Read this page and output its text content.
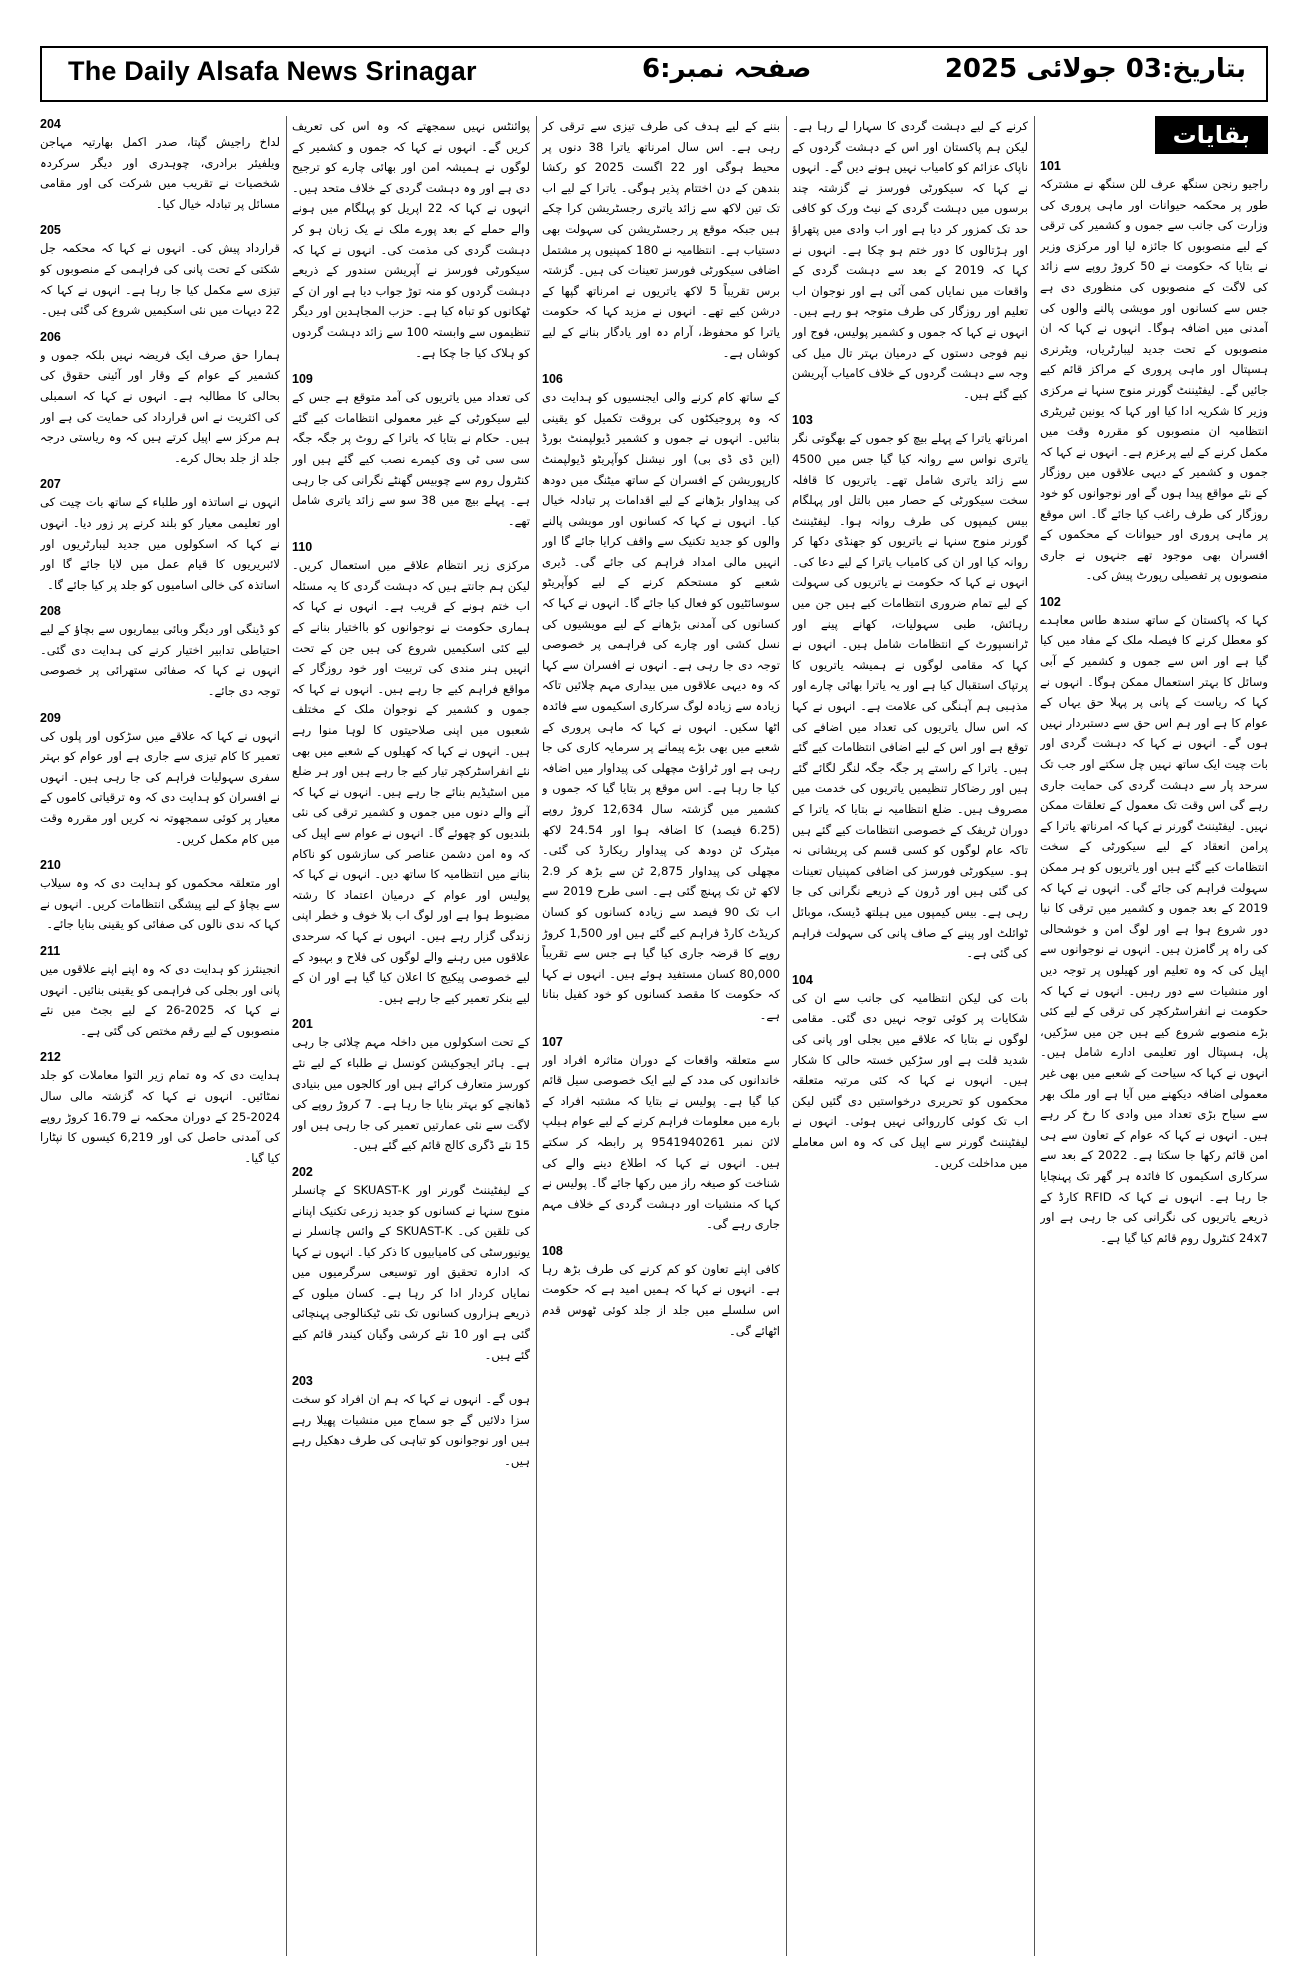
The Daily Alsafa News Srinagar	صفحہ نمبر:6	بتاریخ:03 جولائی 2025
بقایات
101

راجیو رنجن سنگھ عرف للن سنگھ نے مشترکہ طور پر محکمہ حیوانات اور ماہی پروری کی وزارت کی جانب سے جموں و کشمیر کی ترقی کے لیے منصوبوں کا جائزہ لیا اور مرکزی وزیر نے بتایا کہ حکومت نے 50 کروڑ روپے سے زائد کی لاگت کے منصوبوں کی منظوری دی ہے جس سے کسانوں اور مویشی پالنے والوں کی آمدنی میں اضافہ ہوگا۔ انہوں نے کہا کہ ان منصوبوں کے تحت جدید لیبارٹریاں، ویٹرنری ہسپتال اور ماہی پروری کے مراکز قائم کیے جائیں گے۔ لیفٹیننٹ گورنر منوج سنہا نے مرکزی وزیر کا شکریہ ادا کیا اور کہا کہ یونین ٹیریٹری انتظامیہ ان منصوبوں کو مقررہ وقت میں مکمل کرنے کے لیے پرعزم ہے۔ انہوں نے کہا کہ جموں و کشمیر کے دیہی علاقوں میں روزگار کے نئے مواقع پیدا ہوں گے اور نوجوانوں کو خود روزگار کی طرف راغب کیا جائے گا۔ اس موقع پر ماہی پروری اور حیوانات کے محکموں کے افسران بھی موجود تھے جنہوں نے جاری منصوبوں پر تفصیلی رپورٹ پیش کی۔

102

کہا کہ پاکستان کے ساتھ سندھ طاس معاہدے کو معطل کرنے کا فیصلہ ملک کے مفاد میں کیا گیا ہے اور اس سے جموں و کشمیر کے آبی وسائل کا بہتر استعمال ممکن ہوگا۔ انہوں نے کہا کہ ریاست کے پانی پر پہلا حق یہاں کے عوام کا ہے اور ہم اس حق سے دستبردار نہیں ہوں گے۔ انہوں نے کہا کہ دہشت گردی اور بات چیت ایک ساتھ نہیں چل سکتے اور جب تک سرحد پار سے دہشت گردی کی حمایت جاری رہے گی اس وقت تک معمول کے تعلقات ممکن نہیں۔ لیفٹیننٹ گورنر نے کہا کہ امرناتھ یاترا کے پرامن انعقاد کے لیے سیکورٹی کے سخت انتظامات کیے گئے ہیں اور یاتریوں کو ہر ممکن سہولت فراہم کی جائے گی۔ انہوں نے کہا کہ 2019 کے بعد جموں و کشمیر میں ترقی کا نیا دور شروع ہوا ہے اور لوگ امن و خوشحالی کی راہ پر گامزن ہیں۔ انہوں نے نوجوانوں سے اپیل کی کہ وہ تعلیم اور کھیلوں پر توجہ دیں اور منشیات سے دور رہیں۔ انہوں نے کہا کہ حکومت نے انفراسٹرکچر کی ترقی کے لیے کئی بڑے منصوبے شروع کیے ہیں جن میں سڑکیں، پل، ہسپتال اور تعلیمی ادارے شامل ہیں۔ انہوں نے کہا کہ سیاحت کے شعبے میں بھی غیر معمولی اضافہ دیکھنے میں آیا ہے اور ملک بھر سے سیاح بڑی تعداد میں وادی کا رخ کر رہے ہیں۔ انہوں نے کہا کہ عوام کے تعاون سے ہی امن قائم رکھا جا سکتا ہے۔ 2022 کے بعد سے سرکاری اسکیموں کا فائدہ ہر گھر تک پہنچایا جا رہا ہے۔ انہوں نے کہا کہ RFID کارڈ کے ذریعے یاتریوں کی نگرانی کی جا رہی ہے اور 24x7 کنٹرول روم قائم کیا گیا ہے۔

کرنے کے لیے دہشت گردی کا سہارا لے رہا ہے۔ لیکن ہم پاکستان اور اس کے دہشت گردوں کے ناپاک عزائم کو کامیاب نہیں ہونے دیں گے۔ انہوں نے کہا کہ سیکورٹی فورسز نے گزشتہ چند برسوں میں دہشت گردی کے نیٹ ورک کو کافی حد تک کمزور کر دیا ہے اور اب وادی میں پتھراؤ اور ہڑتالوں کا دور ختم ہو چکا ہے۔ انہوں نے کہا کہ 2019 کے بعد سے دہشت گردی کے واقعات میں نمایاں کمی آئی ہے اور نوجوان اب تعلیم اور روزگار کی طرف متوجہ ہو رہے ہیں۔ انہوں نے کہا کہ جموں و کشمیر پولیس، فوج اور نیم فوجی دستوں کے درمیان بہتر تال میل کی وجہ سے دہشت گردوں کے خلاف کامیاب آپریشن کیے گئے ہیں۔

103

امرناتھ یاترا کے پہلے بیچ کو جموں کے بھگوتی نگر یاتری نواس سے روانہ کیا گیا جس میں 4500 سے زائد یاتری شامل تھے۔ یاتریوں کا قافلہ سخت سیکورٹی کے حصار میں بالتل اور پہلگام بیس کیمپوں کی طرف روانہ ہوا۔ لیفٹیننٹ گورنر منوج سنہا نے یاتریوں کو جھنڈی دکھا کر روانہ کیا اور ان کی کامیاب یاترا کے لیے دعا کی۔ انہوں نے کہا کہ حکومت نے یاتریوں کی سہولت کے لیے تمام ضروری انتظامات کیے ہیں جن میں رہائش، طبی سہولیات، کھانے پینے اور ٹرانسپورٹ کے انتظامات شامل ہیں۔ انہوں نے کہا کہ مقامی لوگوں نے ہمیشہ یاتریوں کا پرتپاک استقبال کیا ہے اور یہ یاترا بھائی چارے اور مذہبی ہم آہنگی کی علامت ہے۔ انہوں نے کہا کہ اس سال یاتریوں کی تعداد میں اضافے کی توقع ہے اور اس کے لیے اضافی انتظامات کیے گئے ہیں۔ یاترا کے راستے پر جگہ جگہ لنگر لگائے گئے ہیں اور رضاکار تنظیمیں یاتریوں کی خدمت میں مصروف ہیں۔ ضلع انتظامیہ نے بتایا کہ یاترا کے دوران ٹریفک کے خصوصی انتظامات کیے گئے ہیں تاکہ عام لوگوں کو کسی قسم کی پریشانی نہ ہو۔ سیکورٹی فورسز کی اضافی کمپنیاں تعینات کی گئی ہیں اور ڈرون کے ذریعے نگرانی کی جا رہی ہے۔ بیس کیمپوں میں ہیلتھ ڈیسک، موبائل ٹوائلٹ اور پینے کے صاف پانی کی سہولت فراہم کی گئی ہے۔

104

بات کی لیکن انتظامیہ کی جانب سے ان کی شکایات پر کوئی توجہ نہیں دی گئی۔ مقامی لوگوں نے بتایا کہ علاقے میں بجلی اور پانی کی شدید قلت ہے اور سڑکیں خستہ حالی کا شکار ہیں۔ انہوں نے کہا کہ کئی مرتبہ متعلقہ محکموں کو تحریری درخواستیں دی گئیں لیکن اب تک کوئی کارروائی نہیں ہوئی۔ انہوں نے لیفٹیننٹ گورنر سے اپیل کی کہ وہ اس معاملے میں مداخلت کریں۔

بننے کے لیے ہدف کی طرف تیزی سے ترقی کر رہی ہے۔ اس سال امرناتھ یاترا 38 دنوں پر محیط ہوگی اور 22 اگست 2025 کو رکشا بندھن کے دن اختتام پذیر ہوگی۔ یاترا کے لیے اب تک تین لاکھ سے زائد یاتری رجسٹریشن کرا چکے ہیں جبکہ موقع پر رجسٹریشن کی سہولت بھی دستیاب ہے۔ انتظامیہ نے 180 کمپنیوں پر مشتمل اضافی سیکورٹی فورسز تعینات کی ہیں۔ گزشتہ برس تقریباً 5 لاکھ یاتریوں نے امرناتھ گپھا کے درشن کیے تھے۔ انہوں نے مزید کہا کہ حکومت یاترا کو محفوظ، آرام دہ اور یادگار بنانے کے لیے کوشاں ہے۔

106

کے ساتھ کام کرنے والی ایجنسیوں کو ہدایت دی کہ وہ پروجیکٹوں کی بروقت تکمیل کو یقینی بنائیں۔ انہوں نے جموں و کشمیر ڈیولپمنٹ بورڈ (این ڈی ڈی بی) اور نیشنل کوآپریٹو ڈیولپمنٹ کارپوریشن کے افسران کے ساتھ میٹنگ میں دودھ کی پیداوار بڑھانے کے لیے اقدامات پر تبادلہ خیال کیا۔ انہوں نے کہا کہ کسانوں اور مویشی پالنے والوں کو جدید تکنیک سے واقف کرایا جائے گا اور انہیں مالی امداد فراہم کی جائے گی۔ ڈیری شعبے کو مستحکم کرنے کے لیے کوآپریٹو سوسائٹیوں کو فعال کیا جائے گا۔ انہوں نے کہا کہ کسانوں کی آمدنی بڑھانے کے لیے مویشیوں کی نسل کشی اور چارے کی فراہمی پر خصوصی توجہ دی جا رہی ہے۔ انہوں نے افسران سے کہا کہ وہ دیہی علاقوں میں بیداری مہم چلائیں تاکہ زیادہ سے زیادہ لوگ سرکاری اسکیموں سے فائدہ اٹھا سکیں۔ انہوں نے کہا کہ ماہی پروری کے شعبے میں بھی بڑے پیمانے پر سرمایہ کاری کی جا رہی ہے اور ٹراؤٹ مچھلی کی پیداوار میں اضافہ کیا جا رہا ہے۔ اس موقع پر بتایا گیا کہ جموں و کشمیر میں گزشتہ سال 12,634 کروڑ روپے (6.25 فیصد) کا اضافہ ہوا اور 24.54 لاکھ میٹرک ٹن دودھ کی پیداوار ریکارڈ کی گئی۔ مچھلی کی پیداوار 2,875 ٹن سے بڑھ کر 2.9 لاکھ ٹن تک پہنچ گئی ہے۔ اسی طرح 2019 سے اب تک 90 فیصد سے زیادہ کسانوں کو کسان کریڈٹ کارڈ فراہم کیے گئے ہیں اور 1,500 کروڑ روپے کا قرضہ جاری کیا گیا ہے جس سے تقریباً 80,000 کسان مستفید ہوئے ہیں۔ انہوں نے کہا کہ حکومت کا مقصد کسانوں کو خود کفیل بنانا ہے۔

107

سے متعلقہ واقعات کے دوران متاثرہ افراد اور خاندانوں کی مدد کے لیے ایک خصوصی سیل قائم کیا گیا ہے۔ پولیس نے بتایا کہ مشتبہ افراد کے بارے میں معلومات فراہم کرنے کے لیے عوام ہیلپ لائن نمبر 9541940261 پر رابطہ کر سکتے ہیں۔ انہوں نے کہا کہ اطلاع دینے والے کی شناخت کو صیغہ راز میں رکھا جائے گا۔ پولیس نے کہا کہ منشیات اور دہشت گردی کے خلاف مہم جاری رہے گی۔

108

کافی اپنے تعاون کو کم کرنے کی طرف بڑھ رہا ہے۔ انہوں نے کہا کہ ہمیں امید ہے کہ حکومت اس سلسلے میں جلد از جلد کوئی ٹھوس قدم اٹھائے گی۔

پوائنٹس نہیں سمجھتے کہ وہ اس کی تعریف کریں گے۔ انہوں نے کہا کہ جموں و کشمیر کے لوگوں نے ہمیشہ امن اور بھائی چارے کو ترجیح دی ہے اور وہ دہشت گردی کے خلاف متحد ہیں۔ انہوں نے کہا کہ 22 اپریل کو پہلگام میں ہونے والے حملے کے بعد پورے ملک نے یک زبان ہو کر دہشت گردی کی مذمت کی۔ انہوں نے کہا کہ سیکورٹی فورسز نے آپریشن سندور کے ذریعے دہشت گردوں کو منہ توڑ جواب دیا ہے اور ان کے ٹھکانوں کو تباہ کیا ہے۔ حزب المجاہدین اور دیگر تنظیموں سے وابستہ 100 سے زائد دہشت گردوں کو ہلاک کیا جا چکا ہے۔

109

کی تعداد میں یاتریوں کی آمد متوقع ہے جس کے لیے سیکورٹی کے غیر معمولی انتظامات کیے گئے ہیں۔ حکام نے بتایا کہ یاترا کے روٹ پر جگہ جگہ سی سی ٹی وی کیمرے نصب کیے گئے ہیں اور کنٹرول روم سے چوبیس گھنٹے نگرانی کی جا رہی ہے۔ پہلے بیچ میں 38 سو سے زائد یاتری شامل تھے۔

110

مرکزی زیر انتظام علاقے میں استعمال کریں۔ لیکن ہم جانتے ہیں کہ دہشت گردی کا یہ مسئلہ اب ختم ہونے کے قریب ہے۔ انہوں نے کہا کہ ہماری حکومت نے نوجوانوں کو بااختیار بنانے کے لیے کئی اسکیمیں شروع کی ہیں جن کے تحت انہیں ہنر مندی کی تربیت اور خود روزگار کے مواقع فراہم کیے جا رہے ہیں۔ انہوں نے کہا کہ جموں و کشمیر کے نوجوان ملک کے مختلف شعبوں میں اپنی صلاحیتوں کا لوہا منوا رہے ہیں۔ انہوں نے کہا کہ کھیلوں کے شعبے میں بھی نئے انفراسٹرکچر تیار کیے جا رہے ہیں اور ہر ضلع میں اسٹیڈیم بنائے جا رہے ہیں۔ انہوں نے کہا کہ آنے والے دنوں میں جموں و کشمیر ترقی کی نئی بلندیوں کو چھوئے گا۔ انہوں نے عوام سے اپیل کی کہ وہ امن دشمن عناصر کی سازشوں کو ناکام بنانے میں انتظامیہ کا ساتھ دیں۔ انہوں نے کہا کہ پولیس اور عوام کے درمیان اعتماد کا رشتہ مضبوط ہوا ہے اور لوگ اب بلا خوف و خطر اپنی زندگی گزار رہے ہیں۔ انہوں نے کہا کہ سرحدی علاقوں میں رہنے والے لوگوں کی فلاح و بہبود کے لیے خصوصی پیکیج کا اعلان کیا گیا ہے اور ان کے لیے بنکر تعمیر کیے جا رہے ہیں۔

201

کے تحت اسکولوں میں داخلہ مہم چلائی جا رہی ہے۔ ہائر ایجوکیشن کونسل نے طلباء کے لیے نئے کورسز متعارف کرائے ہیں اور کالجوں میں بنیادی ڈھانچے کو بہتر بنایا جا رہا ہے۔ 7 کروڑ روپے کی لاگت سے نئی عمارتیں تعمیر کی جا رہی ہیں اور 15 نئے ڈگری کالج قائم کیے گئے ہیں۔

202

کے لیفٹیننٹ گورنر اور SKUAST-K کے چانسلر منوج سنہا نے کسانوں کو جدید زرعی تکنیک اپنانے کی تلقین کی۔ SKUAST-K کے وائس چانسلر نے یونیورسٹی کی کامیابیوں کا ذکر کیا۔ انہوں نے کہا کہ ادارہ تحقیق اور توسیعی سرگرمیوں میں نمایاں کردار ادا کر رہا ہے۔ کسان میلوں کے ذریعے ہزاروں کسانوں تک نئی ٹیکنالوجی پہنچائی گئی ہے اور 10 نئے کرشی وگیان کیندر قائم کیے گئے ہیں۔

203

ہوں گے۔ انہوں نے کہا کہ ہم ان افراد کو سخت سزا دلائیں گے جو سماج میں منشیات پھیلا رہے ہیں اور نوجوانوں کو تباہی کی طرف دھکیل رہے ہیں۔

204

لداخ راجیش گپتا، صدر اکمل بھارتیہ مہاجن ویلفیئر برادری، چوہدری اور دیگر سرکردہ شخصیات نے تقریب میں شرکت کی اور مقامی مسائل پر تبادلہ خیال کیا۔

205

قرارداد پیش کی۔ انہوں نے کہا کہ محکمہ جل شکتی کے تحت پانی کی فراہمی کے منصوبوں کو تیزی سے مکمل کیا جا رہا ہے۔ انہوں نے کہا کہ 22 دیہات میں نئی اسکیمیں شروع کی گئی ہیں۔

206

ہمارا حق صرف ایک فریضہ نہیں بلکہ جموں و کشمیر کے عوام کے وقار اور آئینی حقوق کی بحالی کا مطالبہ ہے۔ انہوں نے کہا کہ اسمبلی کی اکثریت نے اس قرارداد کی حمایت کی ہے اور ہم مرکز سے اپیل کرتے ہیں کہ وہ ریاستی درجہ جلد از جلد بحال کرے۔

207

انہوں نے اساتذہ اور طلباء کے ساتھ بات چیت کی اور تعلیمی معیار کو بلند کرنے پر زور دیا۔ انہوں نے کہا کہ اسکولوں میں جدید لیبارٹریوں اور لائبریریوں کا قیام عمل میں لایا جائے گا اور اساتذہ کی خالی اسامیوں کو جلد پر کیا جائے گا۔

208

کو ڈینگی اور دیگر وبائی بیماریوں سے بچاؤ کے لیے احتیاطی تدابیر اختیار کرنے کی ہدایت دی گئی۔ انہوں نے کہا کہ صفائی ستھرائی پر خصوصی توجہ دی جائے۔

209

انہوں نے کہا کہ علاقے میں سڑکوں اور پلوں کی تعمیر کا کام تیزی سے جاری ہے اور عوام کو بہتر سفری سہولیات فراہم کی جا رہی ہیں۔ انہوں نے افسران کو ہدایت دی کہ وہ ترقیاتی کاموں کے معیار پر کوئی سمجھوتہ نہ کریں اور مقررہ وقت میں کام مکمل کریں۔

210

اور متعلقہ محکموں کو ہدایت دی کہ وہ سیلاب سے بچاؤ کے لیے پیشگی انتظامات کریں۔ انہوں نے کہا کہ ندی نالوں کی صفائی کو یقینی بنایا جائے۔

211

انجینئرز کو ہدایت دی کہ وہ اپنے اپنے علاقوں میں پانی اور بجلی کی فراہمی کو یقینی بنائیں۔ انہوں نے کہا کہ 2025-26 کے لیے بجٹ میں نئے منصوبوں کے لیے رقم مختص کی گئی ہے۔

212

ہدایت دی کہ وہ تمام زیر التوا معاملات کو جلد نمٹائیں۔ انہوں نے کہا کہ گزشتہ مالی سال 2024-25 کے دوران محکمہ نے 16.79 کروڑ روپے کی آمدنی حاصل کی اور 6,219 کیسوں کا نپٹارا کیا گیا۔
